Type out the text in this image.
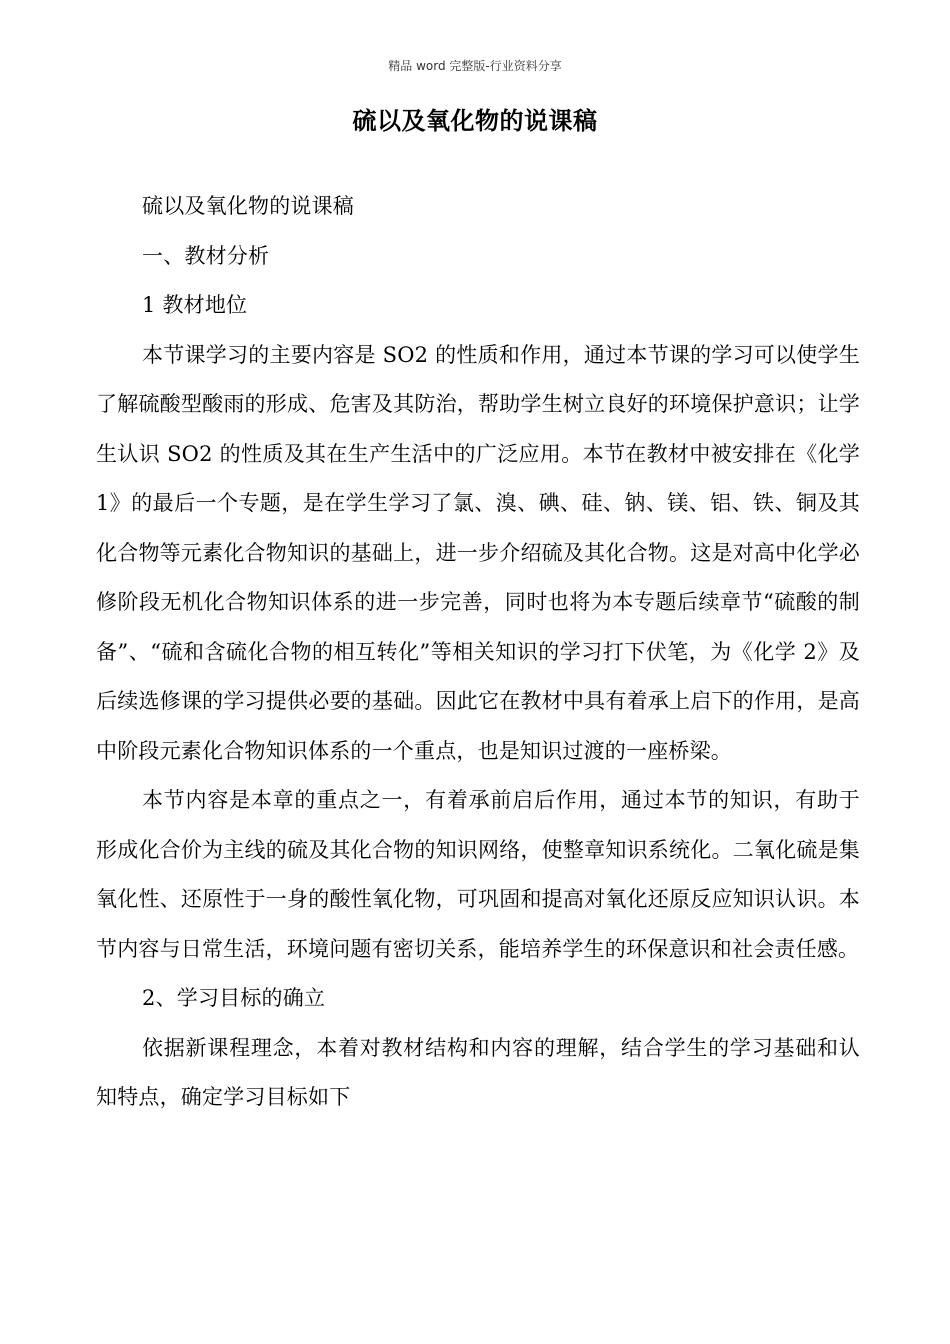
精品 word 完整版-行业资料分享
硫以及氧化物的说课稿

硫以及氧化物的说课稿

一、教材分析

1 教材地位

本节课学习的主要内容是 SO2 的性质和作用，通过本节课的学习可以使学生了解硫酸型酸雨的形成、危害及其防治，帮助学生树立良好的环境保护意识；让学生认识 SO2 的性质及其在生产生活中的广泛应用。本节在教材中被安排在《化学 1》的最后一个专题，是在学生学习了氯、溴、碘、硅、钠、镁、铝、铁、铜及其化合物等元素化合物知识的基础上，进一步介绍硫及其化合物。这是对高中化学必修阶段无机化合物知识体系的进一步完善，同时也将为本专题后续章节“硫酸的制备”、“硫和含硫化合物的相互转化”等相关知识的学习打下伏笔，为《化学 2》及后续选修课的学习提供必要的基础。因此它在教材中具有着承上启下的作用，是高中阶段元素化合物知识体系的一个重点，也是知识过渡的一座桥梁。

本节内容是本章的重点之一，有着承前启后作用，通过本节的知识，有助于形成化合价为主线的硫及其化合物的知识网络，使整章知识系统化。二氧化硫是集氧化性、还原性于一身的酸性氧化物，可巩固和提高对氧化还原反应知识认识。本节内容与日常生活，环境问题有密切关系，能培养学生的环保意识和社会责任感。

2、学习目标的确立

依据新课程理念，本着对教材结构和内容的理解，结合学生的学习基础和认知特点，确定学习目标如下
